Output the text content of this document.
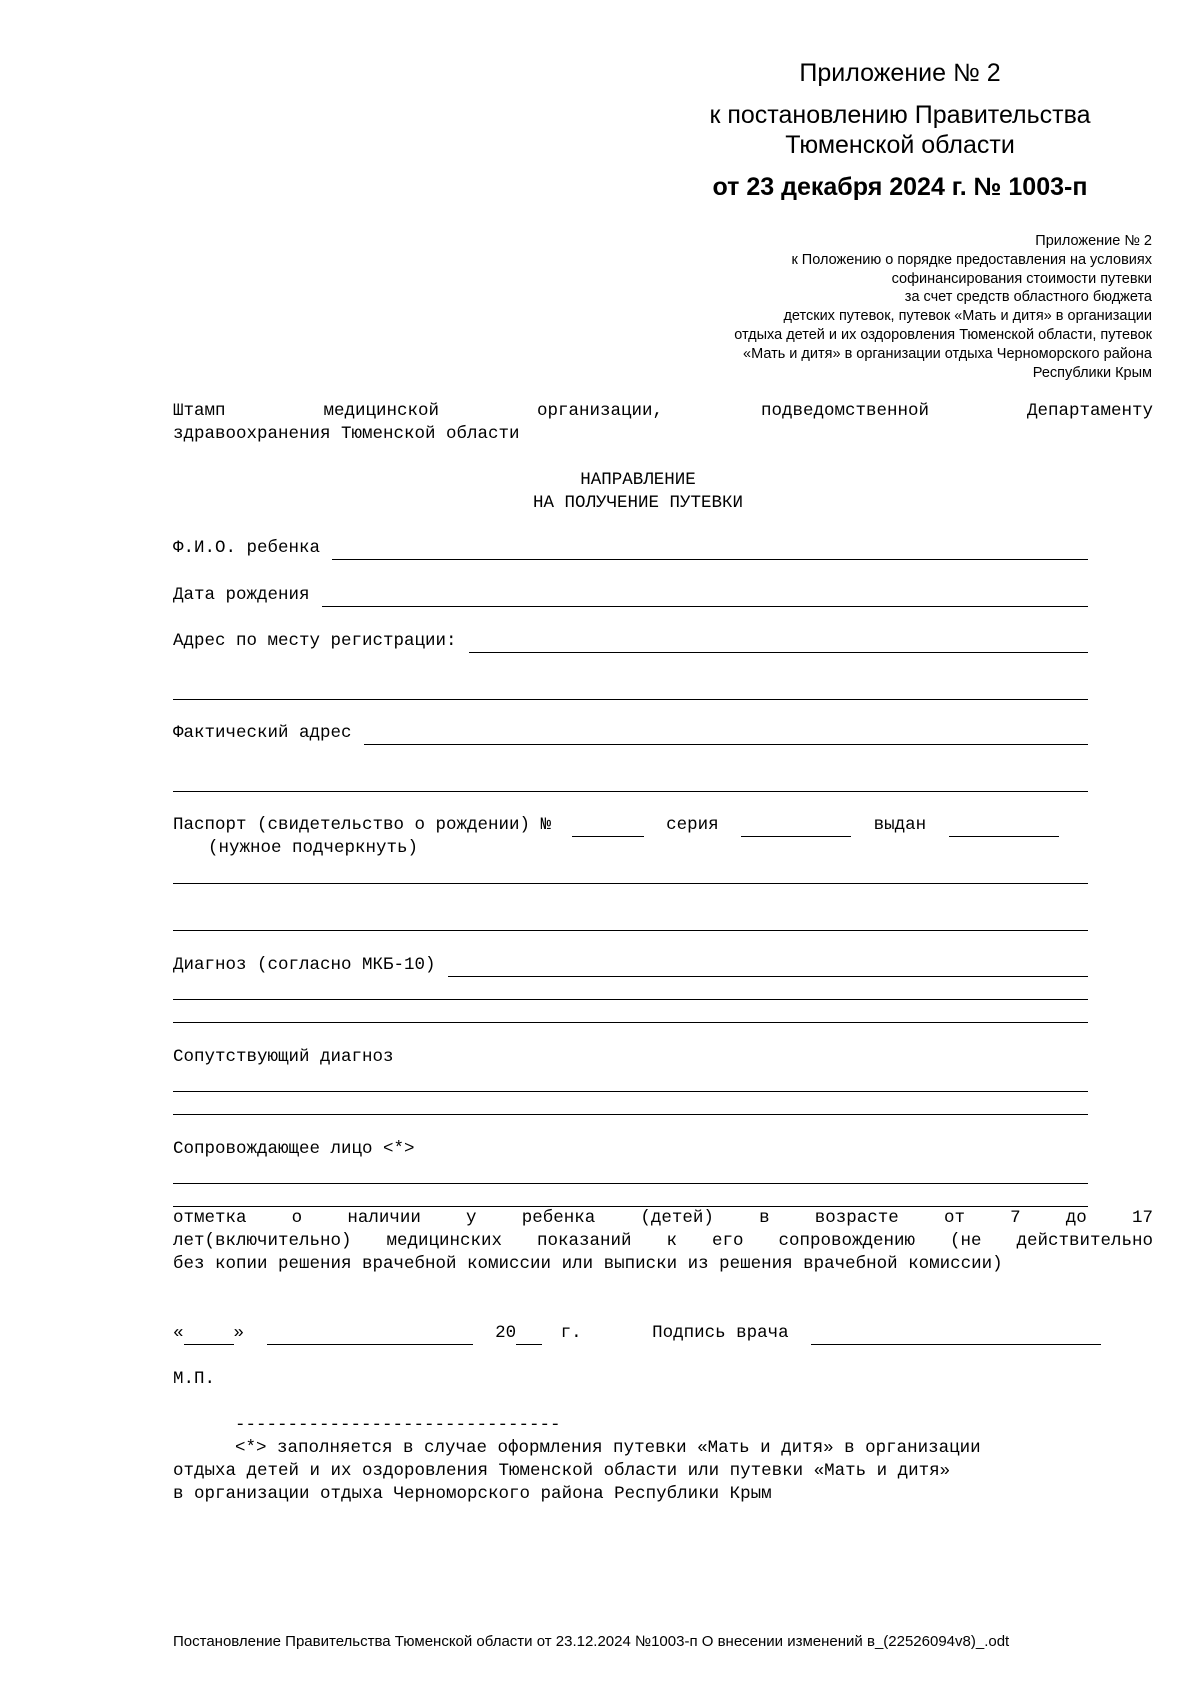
Приложение № 2
к постановлению Правительства
Тюменской области
от 23 декабря 2024 г. № 1003-п
Приложение № 2
к Положению о порядке предоставления на условиях
софинансирования стоимости путевки
за счет средств областного бюджета
детских путевок, путевок «Мать и дитя» в организации
отдыха детей и их оздоровления Тюменской области, путевок
«Мать и дитя» в организации отдыха Черноморского района
Республики Крым
Штамп медицинской организации, подведомственной Департаменту
здравоохранения Тюменской области
НАПРАВЛЕНИЕ
НА ПОЛУЧЕНИЕ ПУТЕВКИ
Ф.И.О. ребенка
Дата рождения
Адрес по месту регистрации:
Фактический адрес
Паспорт (свидетельство о рождении) №	серия	выдан
(нужное подчеркнуть)
Диагноз (согласно МКБ-10)
Сопутствующий диагноз
Сопровождающее лицо <*>
отметка о наличии у ребенка (детей) в возрасте от 7 до 17
лет(включительно) медицинских показаний к его сопровождению (не действительно
без копии решения врачебной комиссии или выписки из решения врачебной комиссии)
«	»	20	г.	Подпись врача
М.П.
-------------------------------
<*> заполняется в случае оформления путевки «Мать и дитя» в организации
отдыха детей и их оздоровления Тюменской области или путевки «Мать и дитя»
в организации отдыха Черноморского района Республики Крым
Постановление Правительства Тюменской области от 23.12.2024 №1003-п О внесении изменений в_(22526094v8)_.odt
